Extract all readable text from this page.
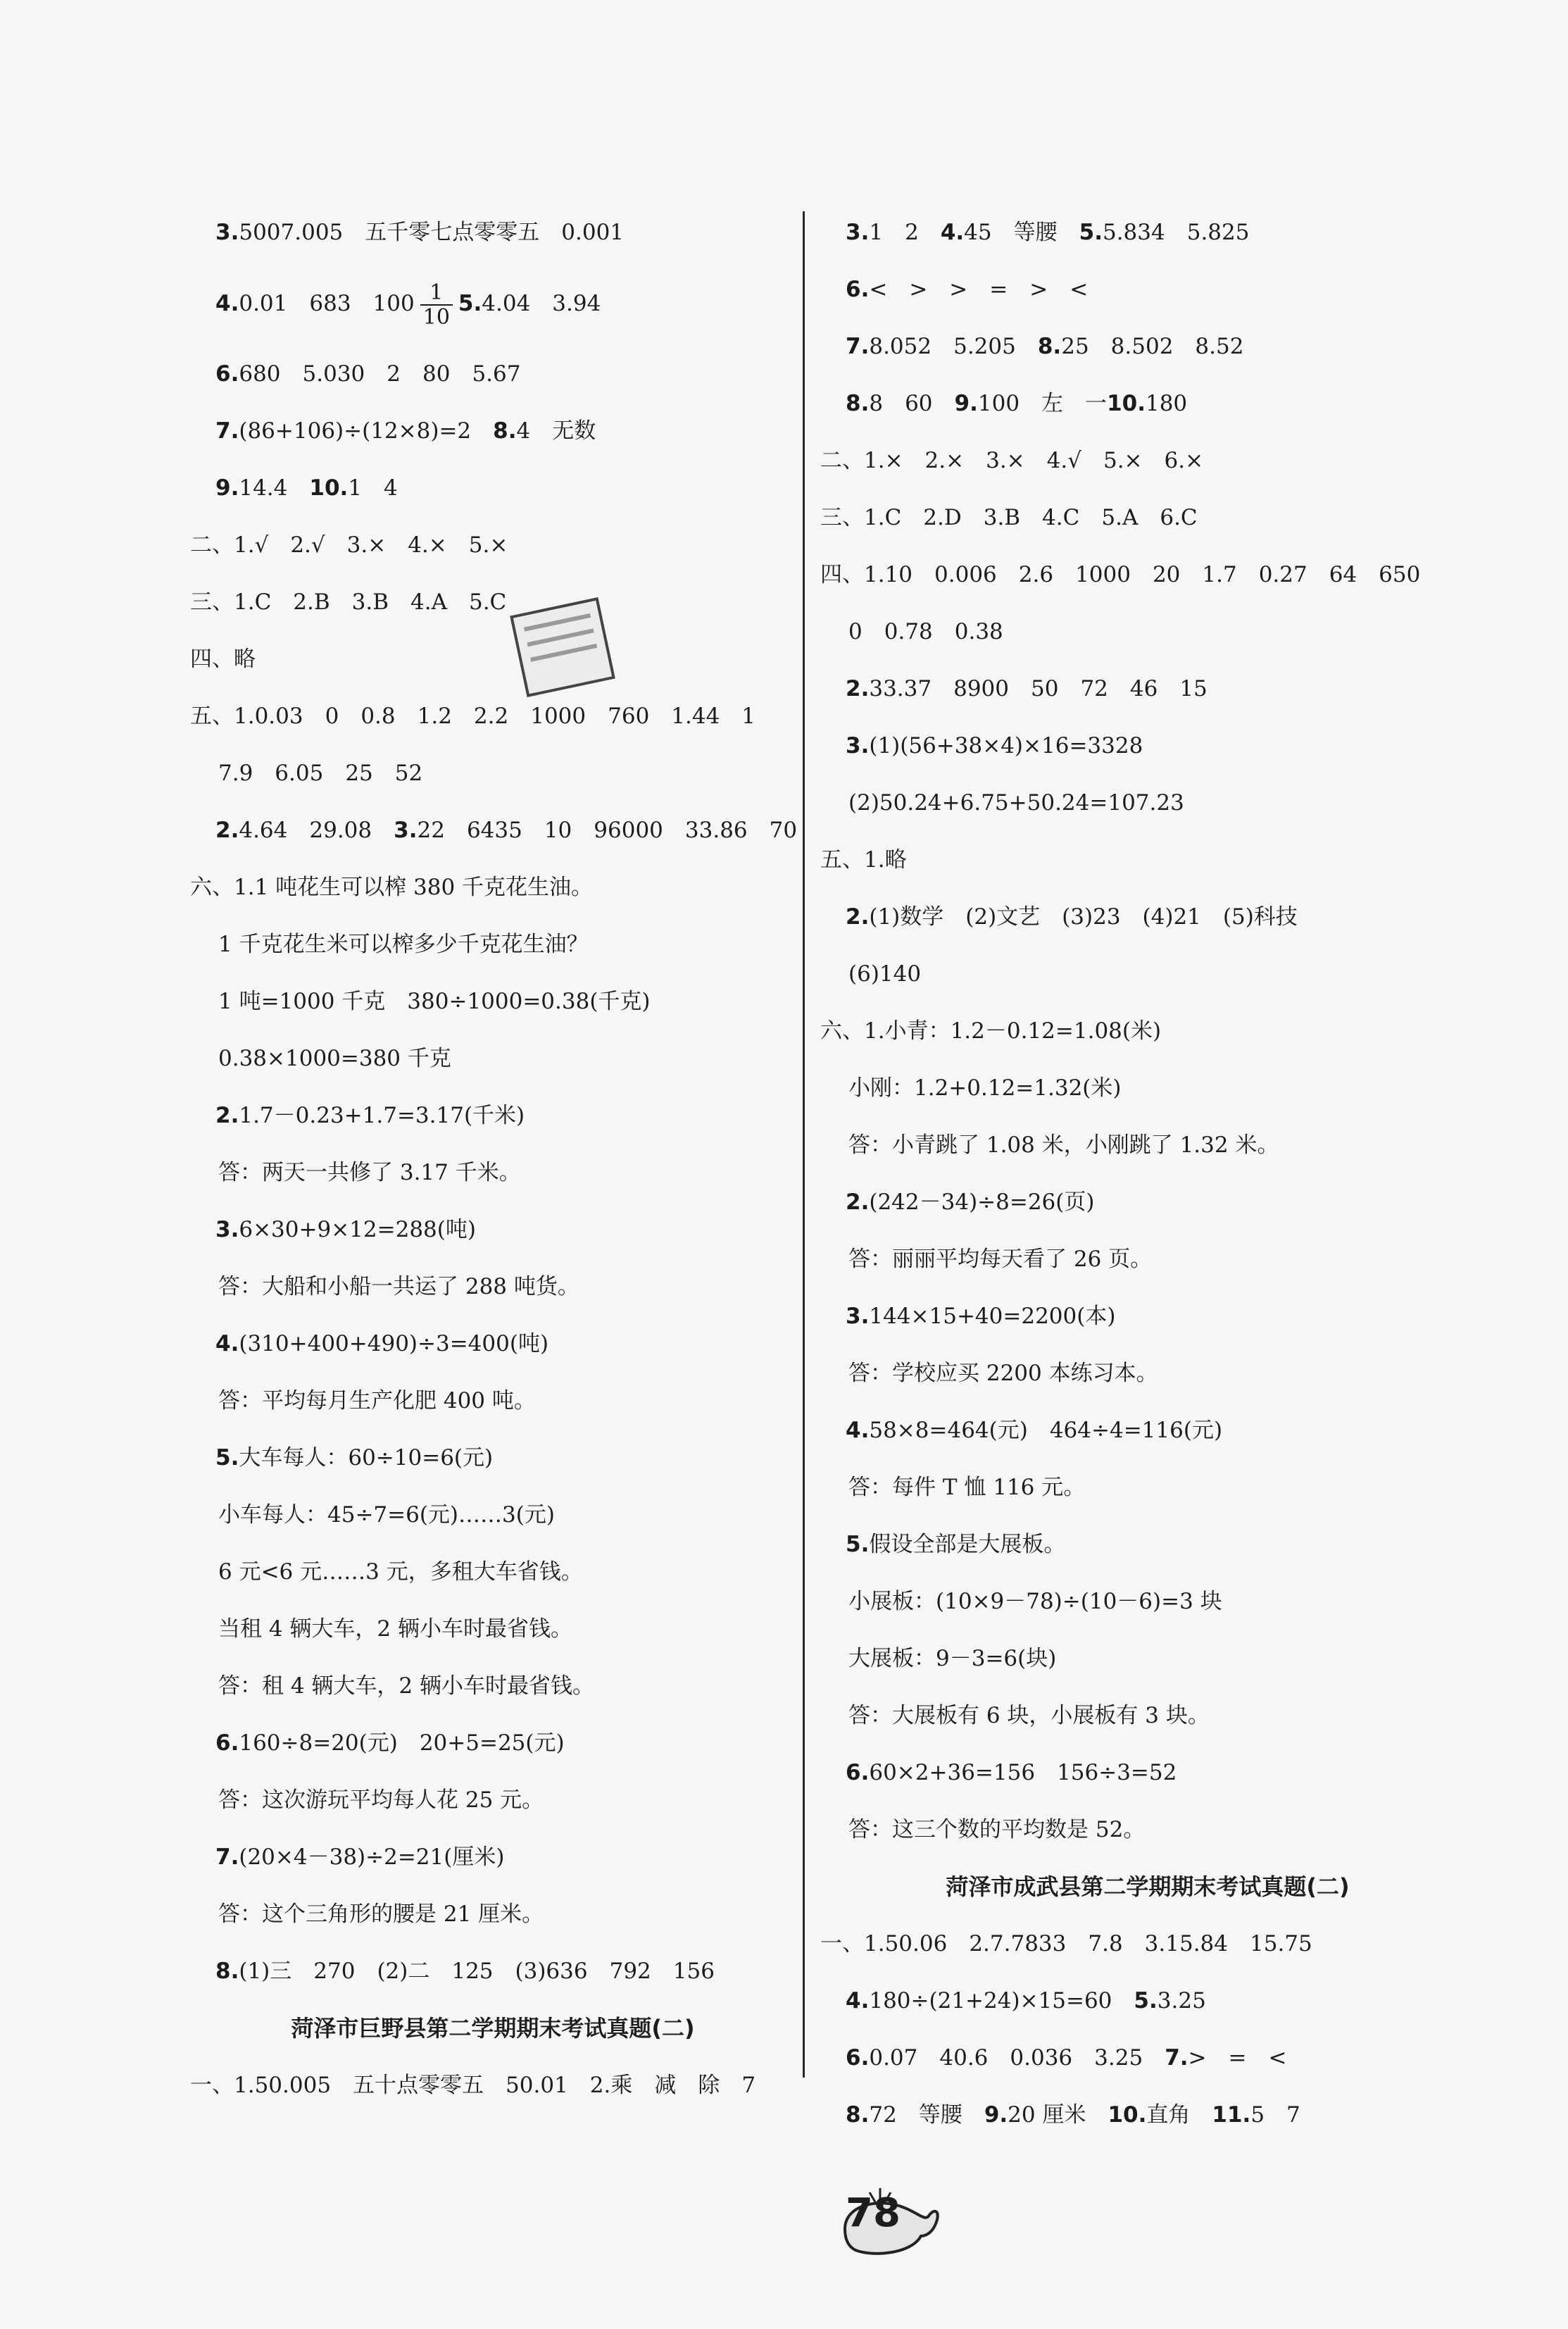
3.5007.005　五千零七点零零五　0.001
4.0.01　683　$100 \frac{1}{10} 5.4.04$　3.94
6.680　5.030　2　80　5.67
7.(86+106)÷(12×8)=2　8.4　无数
9.14.4　10.1　4
二、1.√　2.√　3.×　4.×　5.×
三、1.C　2.B　3.B　4.A　5.C
四、略
五、1.0.03　0　0.8　1.2　2.2　1000　760　1.44　1
7.9　6.05　25　52
2.4.64　29.08　3.22　6435　10　96000　33.86　70
六、1.1 吨花生可以榨 380 千克花生油。
1 千克花生米可以榨多少千克花生油？
1 吨=1000 千克　380÷1000=0.38(千克)
0.38×1000=380 千克
2.1.7－0.23+1.7=3.17(千米)
答：两天一共修了 3.17 千米。
3.6×30+9×12=288(吨)
答：大船和小船一共运了 288 吨货。
4.(310+400+490)÷3=400(吨)
答：平均每月生产化肥 400 吨。
5.大车每人：60÷10=6(元)
小车每人：45÷7=6(元)……3(元)
6 元<6 元……3 元，多租大车省钱。
当租 4 辆大车，2 辆小车时最省钱。
答：租 4 辆大车，2 辆小车时最省钱。
6.160÷8=20(元)　20+5=25(元)
答：这次游玩平均每人花 25 元。
7.(20×4－38)÷2=21(厘米)
答：这个三角形的腰是 21 厘米。
8.(1)三　270　(2)二　125　(3)636　792　156
菏泽市巨野县第二学期期末考试真题(二)
一、1.50.005　五十点零零五　50.01　2.乘　减　除　7
3.1　2　4.45　等腰　5.5.834　5.825
6.<　>　>　=　>　<
7.8.052　5.205　8.25　8.502　8.52
8.8　60　9.100　左　一10.180
二、1.×　2.×　3.×　4.√　5.×　6.×
三、1.C　2.D　3.B　4.C　5.A　6.C
四、1.10　0.006　2.6　1000　20　1.7　0.27　64　650
0　0.78　0.38
2.33.37　8900　50　72　46　15
3.(1)(56+38×4)×16=3328
(2)50.24+6.75+50.24=107.23
五、1.略
2.(1)数学　(2)文艺　(3)23　(4)21　(5)科技
(6)140
六、1.小青：1.2－0.12=1.08(米)
小刚：1.2+0.12=1.32(米)
答：小青跳了 1.08 米，小刚跳了 1.32 米。
2.(242－34)÷8=26(页)
答：丽丽平均每天看了 26 页。
3.144×15+40=2200(本)
答：学校应买 2200 本练习本。
4.58×8=464(元)　464÷4=116(元)
答：每件 T 恤 116 元。
5.假设全部是大展板。
小展板：(10×9－78)÷(10－6)=3 块
大展板：9－3=6(块)
答：大展板有 6 块，小展板有 3 块。
6.60×2+36=156　156÷3=52
答：这三个数的平均数是 52。
菏泽市成武县第二学期期末考试真题(二)
一、1.50.06　2.7.7833　7.8　3.15.84　15.75
4.180÷(21+24)×15=60　5.3.25
6.0.07　40.6　0.036　3.25　7.>　=　<
8.72　等腰　9.20 厘米　10.直角　11.5　7
78
